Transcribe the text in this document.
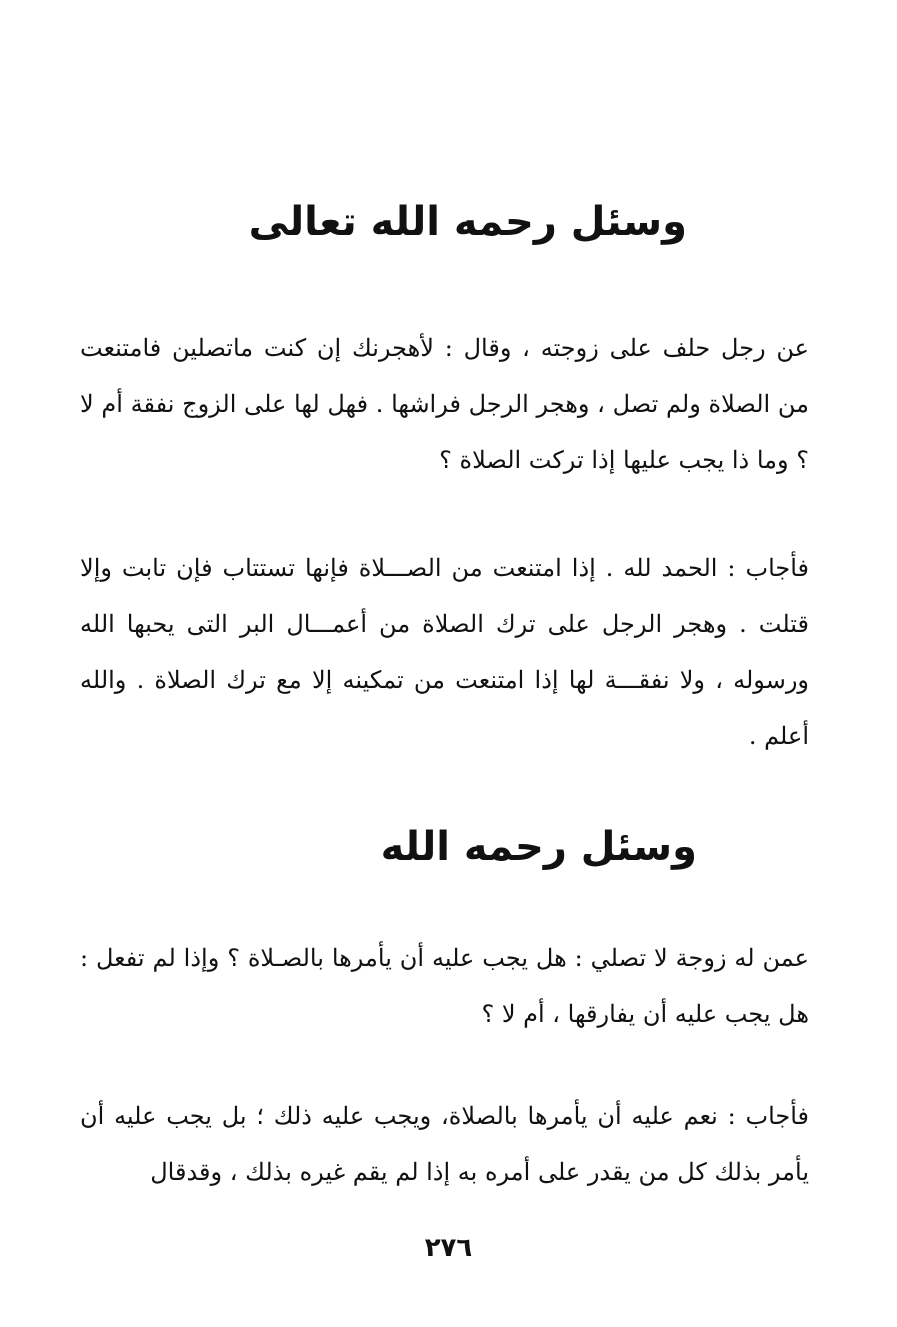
وسئل رحمه الله تعالى
عن رجل حلف على زوجته ، وقال : لأهجرنك إن كنت ماتصلين فامتنعت من الصلاة ولم تصل ، وهجر الرجل فراشها . فهل لها على الزوج نفقة أم لا ؟ وما ذا يجب عليها إذا تركت الصلاة ؟
فأجاب : الحمد لله . إذا امتنعت من الصـــلاة فإنها تستتاب فإن تابت وإلا قتلت . وهجر الرجل على ترك الصلاة من أعمـــال البر التى يحبها الله ورسوله ، ولا نفقـــة لها إذا امتنعت من تمكينه إلا مع ترك الصلاة . والله أعلم .
وسئل رحمه الله
عمن له زوجة لا تصلي : هل يجب عليه أن يأمرها بالصـلاة ؟ وإذا لم تفعل : هل يجب عليه أن يفارقها ، أم لا ؟
فأجاب : نعم عليه أن يأمرها بالصلاة، ويجب عليه ذلك ؛ بل يجب عليه أن يأمر بذلك كل من يقدر على أمره به إذا لم يقم غيره بذلك ، وقدقال
٢٧٦
